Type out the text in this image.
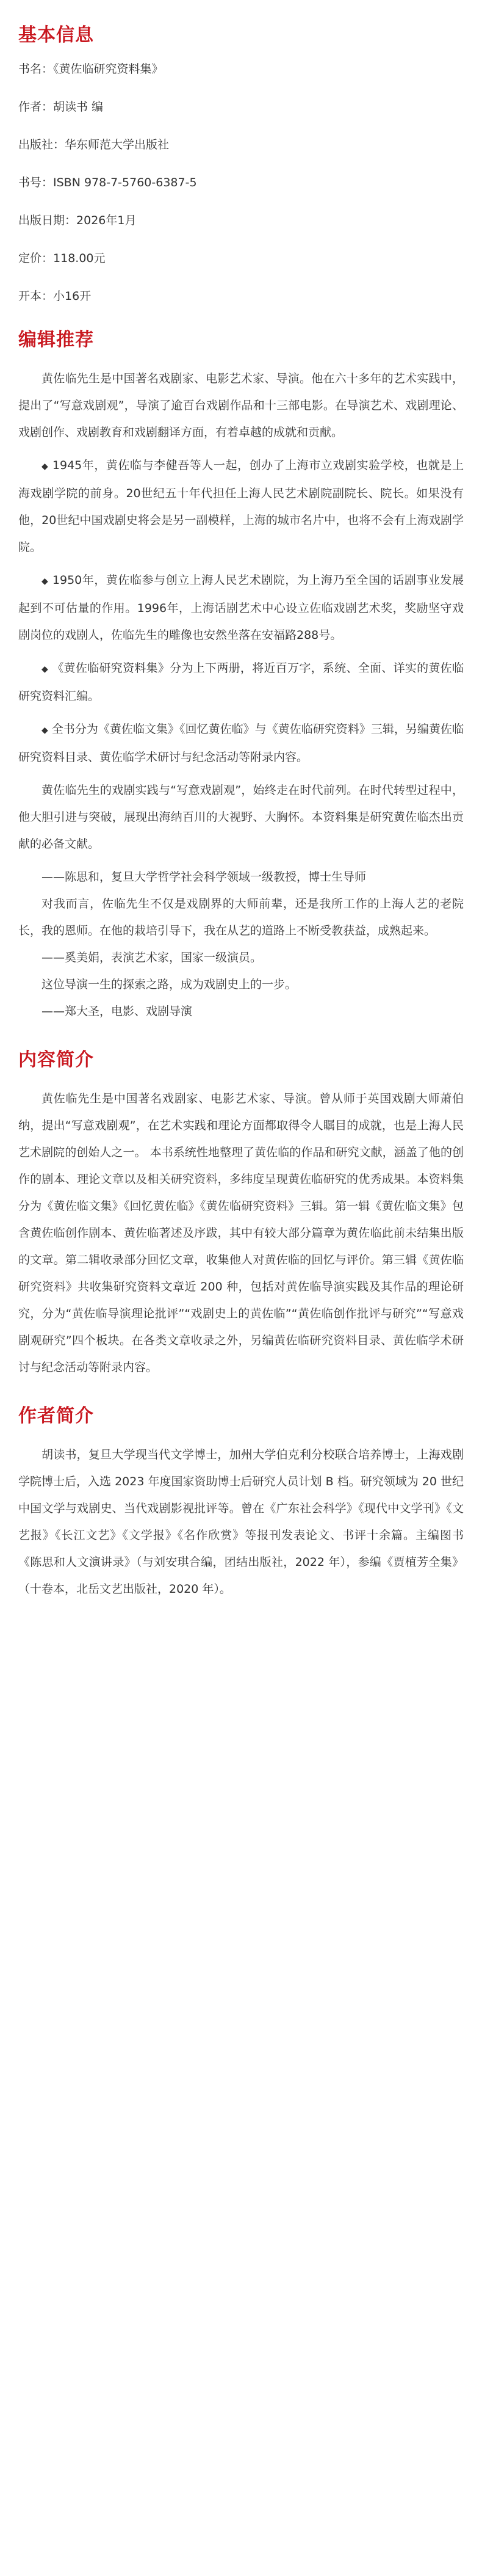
基本信息
书名：《黄佐临研究资料集》
作者：胡读书 编
出版社：华东师范大学出版社
书号：ISBN 978-7-5760-6387-5
出版日期：2026年1月
定价：118.00元
开本：小16开
编辑推荐

黄佐临先生是中国著名戏剧家、电影艺术家、导演。他在六十多年的艺术实践中，提出了“写意戏剧观”，导演了逾百台戏剧作品和十三部电影。在导演艺术、戏剧理论、戏剧创作、戏剧教育和戏剧翻译方面，有着卓越的成就和贡献。

◆ 1945年，黄佐临与李健吾等人一起，创办了上海市立戏剧实验学校，也就是上海戏剧学院的前身。20世纪五十年代担任上海人民艺术剧院副院长、院长。如果没有他，20世纪中国戏剧史将会是另一副模样，上海的城市名片中，也将不会有上海戏剧学院。

◆ 1950年，黄佐临参与创立上海人民艺术剧院，为上海乃至全国的话剧事业发展起到不可估量的作用。1996年，上海话剧艺术中心设立佐临戏剧艺术奖，奖励坚守戏剧岗位的戏剧人，佐临先生的雕像也安然坐落在安福路288号。

◆ 《黄佐临研究资料集》分为上下两册，将近百万字，系统、全面、详实的黄佐临研究资料汇编。

◆ 全书分为《黄佐临文集》《回忆黄佐临》与《黄佐临研究资料》三辑，另编黄佐临研究资料目录、黄佐临学术研讨与纪念活动等附录内容。

黄佐临先生的戏剧实践与“写意戏剧观”，始终走在时代前列。在时代转型过程中，他大胆引进与突破，展现出海纳百川的大视野、大胸怀。本资料集是研究黄佐临杰出贡献的必备文献。

——陈思和，复旦大学哲学社会科学领域一级教授，博士生导师

对我而言，佐临先生不仅是戏剧界的大师前辈，还是我所工作的上海人艺的老院长，我的恩师。在他的栽培引导下，我在从艺的道路上不断受教获益，成熟起来。

——奚美娟，表演艺术家，国家一级演员。

这位导演一生的探索之路，成为戏剧史上的一步。

——郑大圣，电影、戏剧导演

内容简介

黄佐临先生是中国著名戏剧家、电影艺术家、导演。曾从师于英国戏剧大师萧伯纳，提出“写意戏剧观”，在艺术实践和理论方面都取得令人瞩目的成就，也是上海人民艺术剧院的创始人之一。 本书系统性地整理了黄佐临的作品和研究文献，涵盖了他的创作的剧本、理论文章以及相关研究资料，多纬度呈现黄佐临研究的优秀成果。本资料集分为《黄佐临文集》《回忆黄佐临》《黄佐临研究资料》三辑。第一辑《黄佐临文集》包含黄佐临创作剧本、黄佐临著述及序跋，其中有较大部分篇章为黄佐临此前未结集出版的文章。第二辑收录部分回忆文章，收集他人对黄佐临的回忆与评价。第三辑《黄佐临研究资料》共收集研究资料文章近 200 种，包括对黄佐临导演实践及其作品的理论研究，分为“黄佐临导演理论批评”“戏剧史上的黄佐临”“黄佐临创作批评与研究”“写意戏剧观研究”四个板块。在各类文章收录之外，另编黄佐临研究资料目录、黄佐临学术研讨与纪念活动等附录内容。

作者简介

胡读书，复旦大学现当代文学博士，加州大学伯克利分校联合培养博士，上海戏剧学院博士后，入选 2023 年度国家资助博士后研究人员计划 B 档。研究领域为 20 世纪中国文学与戏剧史、当代戏剧影视批评等。曾在《广东社会科学》《现代中文学刊》《文艺报》《长江文艺》《文学报》《名作欣赏》等报刊发表论文、书评十余篇。主编图书《陈思和人文演讲录》（与刘安琪合编，团结出版社，2022 年），参编《贾植芳全集》（十卷本，北岳文艺出版社，2020 年）。
